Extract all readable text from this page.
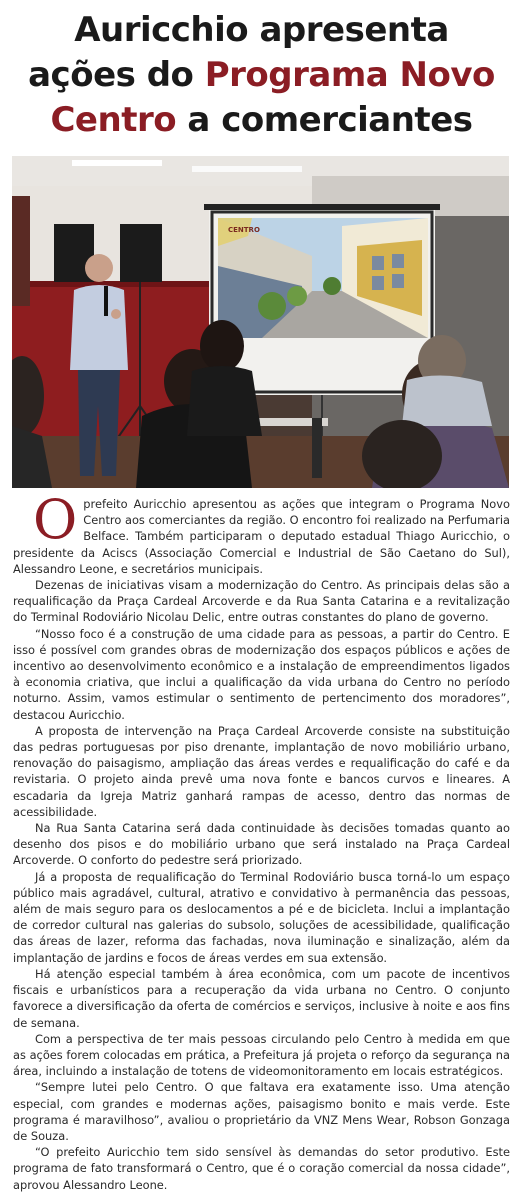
Auricchio apresenta
ações do Programa Novo
Centro a comerciantes
CENTRO

Oprefeito Auricchio apresentou as ações que integram o Programa Novo Centro aos comerciantes da região. O encontro foi realizado na Perfumaria Belface. Também participaram o deputado estadual Thiago Auricchio, o presidente da Aciscs (Associação Comercial e Industrial de São Caetano do Sul), Alessandro Leone, e secretários municipais.

Dezenas de iniciativas visam a modernização do Centro. As principais delas são a requalificação da Praça Cardeal Arcoverde e da Rua Santa Catarina e a revitalização do Terminal Rodoviário Nicolau Delic, entre outras constantes do plano de governo.

“Nosso foco é a construção de uma cidade para as pessoas, a partir do Centro. E isso é possível com grandes obras de modernização dos espaços públicos e ações de incentivo ao desenvolvimento econômico e a instalação de empreendimentos ligados à economia criativa, que inclui a qualificação da vida urbana do Centro no período noturno. Assim, vamos estimular o sentimento de pertencimento dos moradores”, destacou Auricchio.

A proposta de intervenção na Praça Cardeal Arcoverde consiste na substituição das pedras portuguesas por piso drenante, implantação de novo mobiliário urbano, renovação do paisagismo, ampliação das áreas verdes e requalificação do café e da revistaria. O projeto ainda prevê uma nova fonte e bancos curvos e lineares. A escadaria da Igreja Matriz ganhará rampas de acesso, dentro das normas de acessibilidade.

Na Rua Santa Catarina será dada continuidade às decisões tomadas quanto ao desenho dos pisos e do mobiliário urbano que será instalado na Praça Cardeal Arcoverde. O conforto do pedestre será priorizado.

Já a proposta de requalificação do Terminal Rodoviário busca torná-lo um espaço público mais agradável, cultural, atrativo e convidativo à permanência das pessoas, além de mais seguro para os deslocamentos a pé e de bicicleta. Inclui a implantação de corredor cultural nas galerias do subsolo, soluções de acessibilidade, qualificação das áreas de lazer, reforma das fachadas, nova iluminação e sinalização, além da implantação de jardins e focos de áreas verdes em sua extensão.

Há atenção especial também à área econômica, com um pacote de incentivos fiscais e urbanísticos para a recuperação da vida urbana no Centro. O conjunto favorece a diversificação da oferta de comércios e serviços, inclusive à noite e aos fins de semana.

Com a perspectiva de ter mais pessoas circulando pelo Centro à medida em que as ações forem colocadas em prática, a Prefeitura já projeta o reforço da segurança na área, incluindo a instalação de totens de videomonitoramento em locais estratégicos.

“Sempre lutei pelo Centro. O que faltava era exatamente isso. Uma atenção especial, com grandes e modernas ações, paisagismo bonito e mais verde. Este programa é maravilhoso”, avaliou o proprietário da VNZ Mens Wear, Robson Gonzaga de Souza.

“O prefeito Auricchio tem sido sensível às demandas do setor produtivo. Este programa de fato transformará o Centro, que é o coração comercial da nossa cidade”, aprovou Alessandro Leone.
